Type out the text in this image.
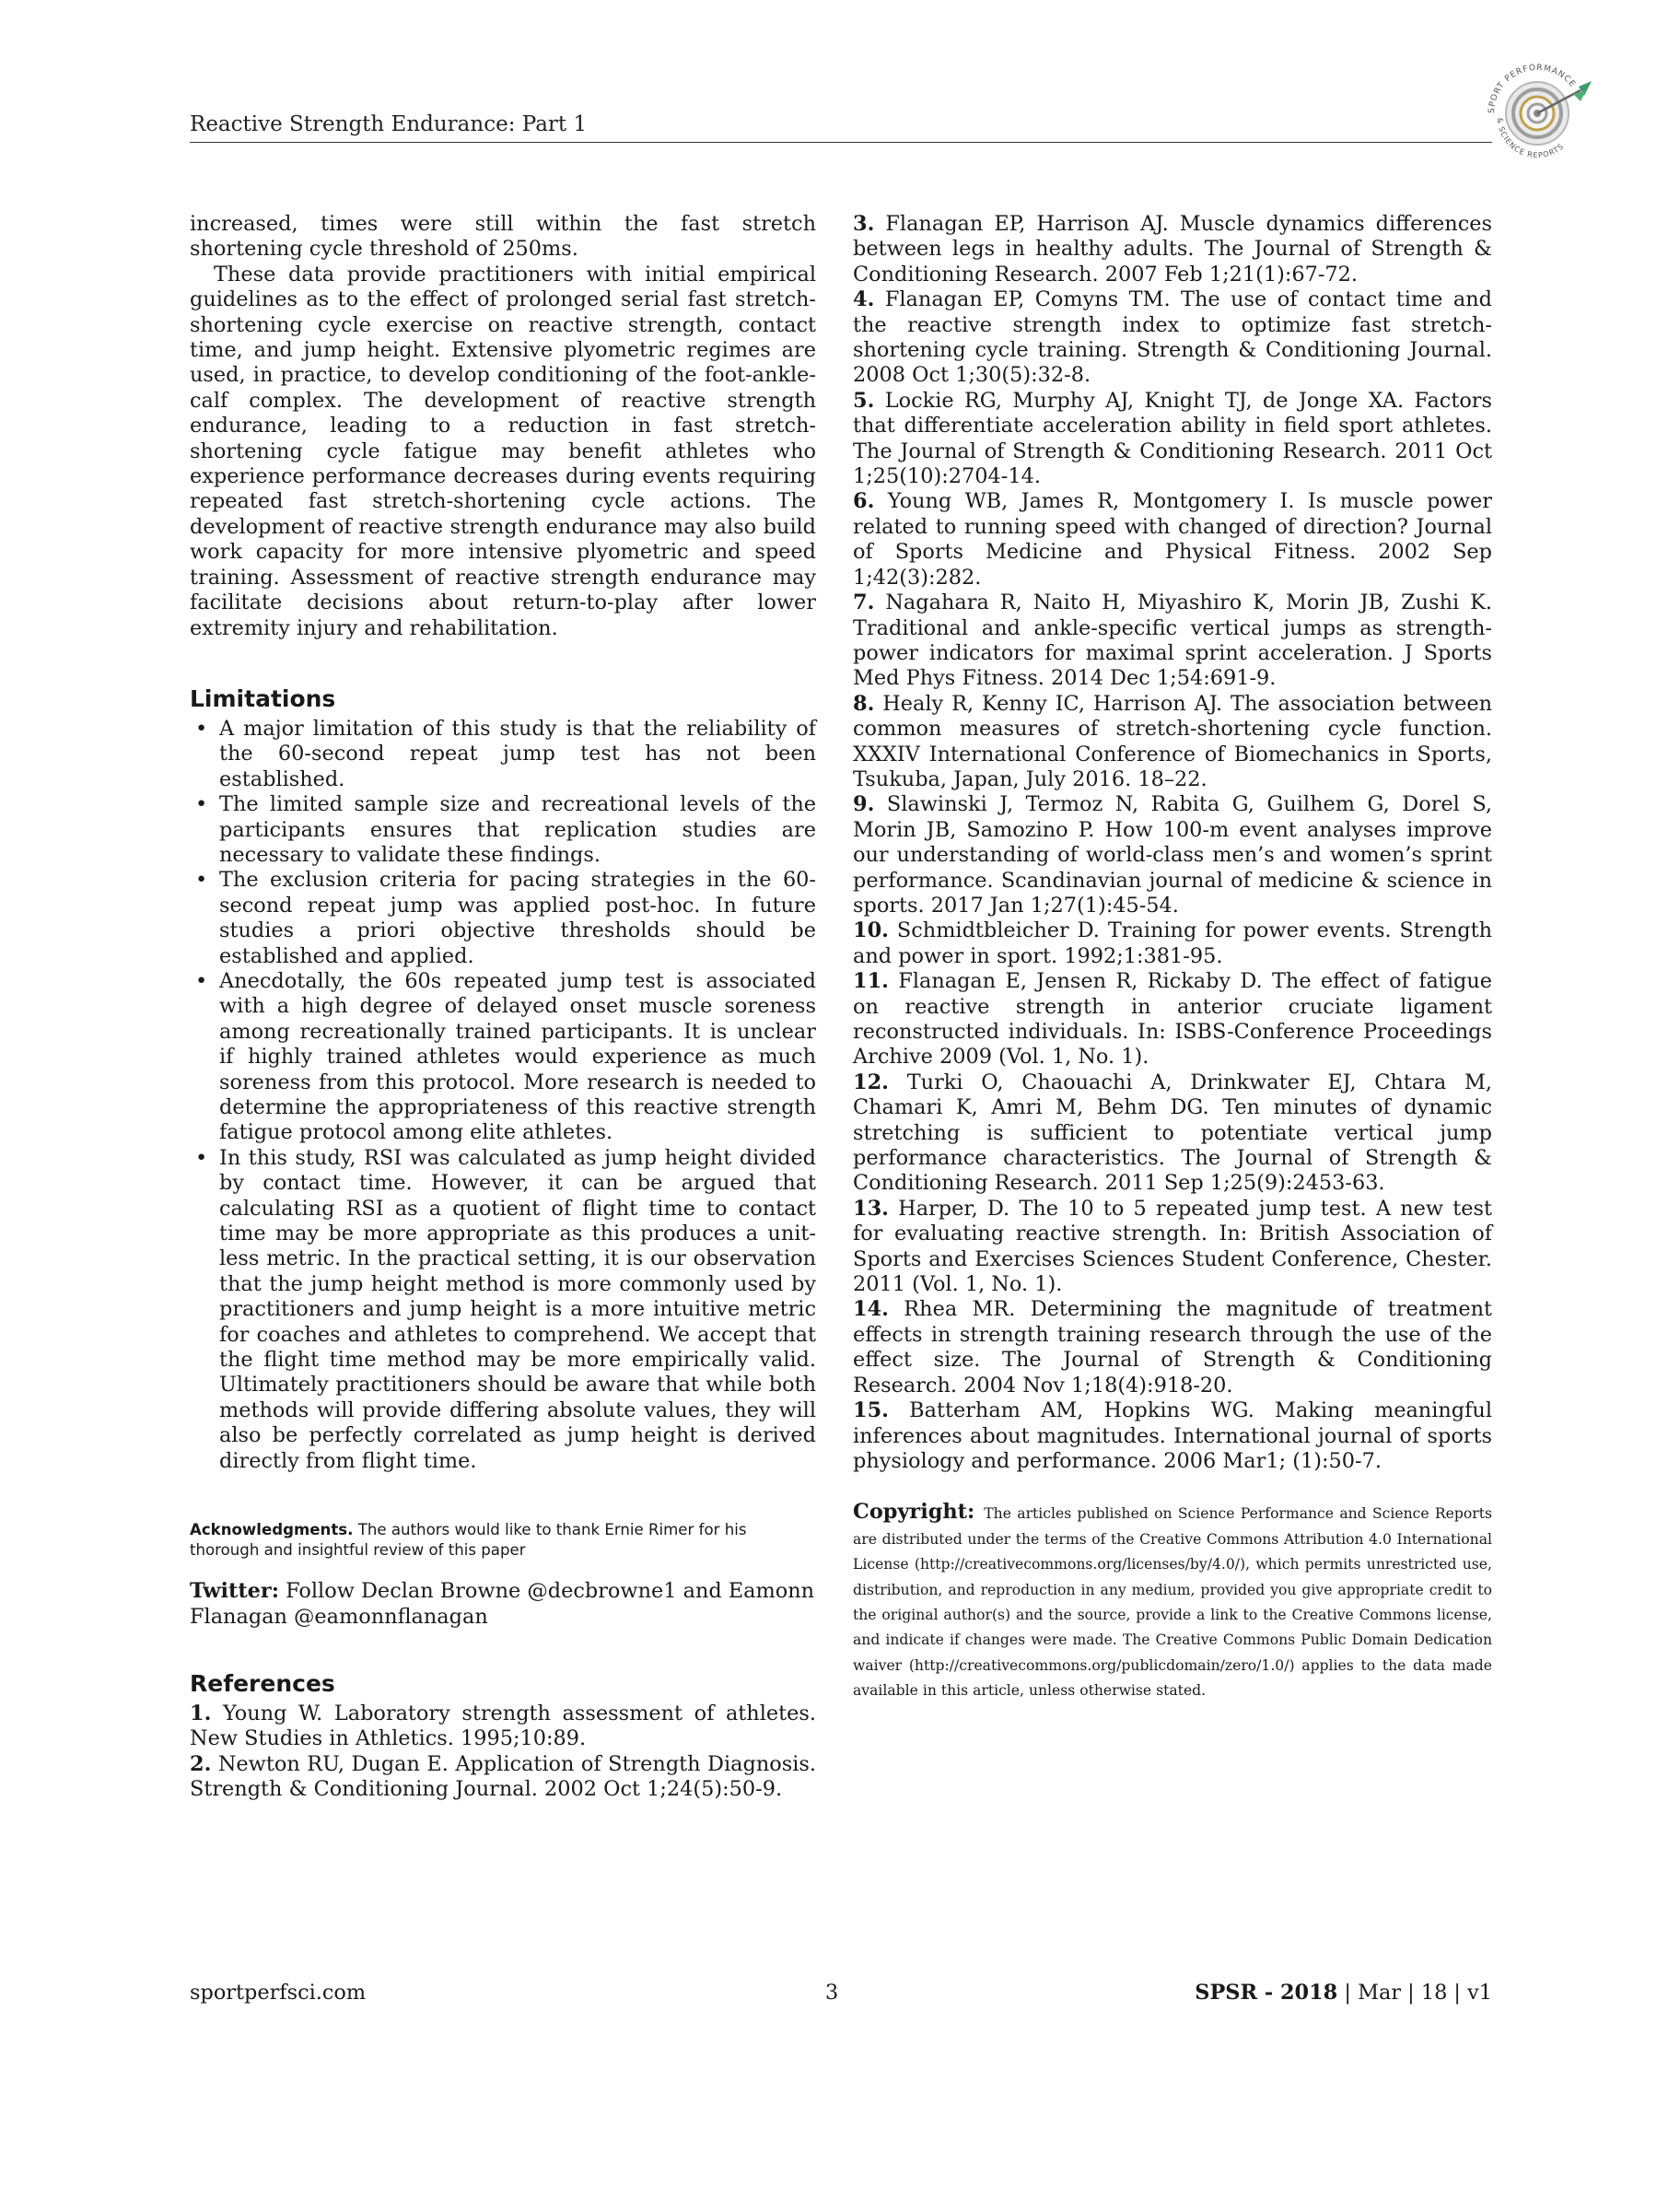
Reactive Strength Endurance: Part 1
SPORT PERFORMANCE
& SCIENCE REPORTS

increased, times were still within the fast stretch shortening cycle threshold of 250ms.

These data provide practitioners with initial empirical guidelines as to the effect of prolonged serial fast stretch-shortening cycle exercise on reactive strength, contact time, and jump height. Extensive plyometric regimes are used, in practice, to develop conditioning of the foot-ankle-calf complex. The development of reactive strength endurance, leading to a reduction in fast stretch-shortening cycle fatigue may benefit athletes who experience performance decreases during events requiring repeated fast stretch-shortening cycle actions. The development of reactive strength endurance may also build work capacity for more intensive plyometric and speed training. Assessment of reactive strength endurance may facilitate decisions about return-to-play after lower extremity injury and rehabilitation.

Limitations
• A major limitation of this study is that the reliability of the 60-second repeat jump test has not been established.
• The limited sample size and recreational levels of the participants ensures that replication studies are necessary to validate these findings.
• The exclusion criteria for pacing strategies in the 60-second repeat jump was applied post-hoc. In future studies a priori objective thresholds should be established and applied.
• Anecdotally, the 60s repeated jump test is associated with a high degree of delayed onset muscle soreness among recreationally trained participants. It is unclear if highly trained athletes would experience as much soreness from this protocol. More research is needed to determine the appropriateness of this reactive strength fatigue protocol among elite athletes.
• In this study, RSI was calculated as jump height divided by contact time. However, it can be argued that calculating RSI as a quotient of flight time to contact time may be more appropriate as this produces a unit-less metric. In the practical setting, it is our observation that the jump height method is more commonly used by practitioners and jump height is a more intuitive metric for coaches and athletes to comprehend. We accept that the flight time method may be more empirically valid. Ultimately practitioners should be aware that while both methods will provide differing absolute values, they will also be perfectly correlated as jump height is derived directly from flight time.

Acknowledgments. The authors would like to thank Ernie Rimer for his thorough and insightful review of this paper

Twitter: Follow Declan Browne @decbrowne1 and Eamonn Flanagan @eamonnflanagan

References

1. Young W. Laboratory strength assessment of athletes. New Studies in Athletics. 1995;10:89.

2. Newton RU, Dugan E. Application of Strength Diagnosis. Strength & Conditioning Journal. 2002 Oct 1;24(5):50-9.

3. Flanagan EP, Harrison AJ. Muscle dynamics differences between legs in healthy adults. The Journal of Strength & Conditioning Research. 2007 Feb 1;21(1):67-72.

4. Flanagan EP, Comyns TM. The use of contact time and the reactive strength index to optimize fast stretch-shortening cycle training. Strength & Conditioning Journal. 2008 Oct 1;30(5):32-8.

5. Lockie RG, Murphy AJ, Knight TJ, de Jonge XA. Factors that differentiate acceleration ability in field sport athletes. The Journal of Strength & Conditioning Research. 2011 Oct 1;25(10):2704-14.

6. Young WB, James R, Montgomery I. Is muscle power related to running speed with changed of direction? Journal of Sports Medicine and Physical Fitness. 2002 Sep 1;42(3):282.

7. Nagahara R, Naito H, Miyashiro K, Morin JB, Zushi K. Traditional and ankle-specific vertical jumps as strength-power indicators for maximal sprint acceleration. J Sports Med Phys Fitness. 2014 Dec 1;54:691-9.

8. Healy R, Kenny IC, Harrison AJ. The association between common measures of stretch-shortening cycle function. XXXIV International Conference of Biomechanics in Sports, Tsukuba, Japan, July 2016. 18–22.

9. Slawinski J, Termoz N, Rabita G, Guilhem G, Dorel S, Morin JB, Samozino P. How 100-m event analyses improve our understanding of world-class men’s and women’s sprint performance. Scandinavian journal of medicine & science in sports. 2017 Jan 1;27(1):45-54.

10. Schmidtbleicher D. Training for power events. Strength and power in sport. 1992;1:381-95.

11. Flanagan E, Jensen R, Rickaby D. The effect of fatigue on reactive strength in anterior cruciate ligament reconstructed individuals. In: ISBS-Conference Proceedings Archive 2009 (Vol. 1, No. 1).

12. Turki O, Chaouachi A, Drinkwater EJ, Chtara M, Chamari K, Amri M, Behm DG. Ten minutes of dynamic stretching is sufficient to potentiate vertical jump performance characteristics. The Journal of Strength & Conditioning Research. 2011 Sep 1;25(9):2453-63.

13. Harper, D. The 10 to 5 repeated jump test. A new test for evaluating reactive strength. In: British Association of Sports and Exercises Sciences Student Conference, Chester. 2011 (Vol. 1, No. 1).

14. Rhea MR. Determining the magnitude of treatment effects in strength training research through the use of the effect size. The Journal of Strength & Conditioning Research. 2004 Nov 1;18(4):918-20.

15. Batterham AM, Hopkins WG. Making meaningful inferences about magnitudes. International journal of sports physiology and performance. 2006 Mar1; (1):50-7.

Copyright: The articles published on Science Performance and Science Reports are distributed under the terms of the Creative Commons Attribution 4.0 International License (http://creativecommons.org/licenses/by/4.0/), which permits unrestricted use, distribution, and reproduction in any medium, provided you give appropriate credit to the original author(s) and the source, provide a link to the Creative Commons license, and indicate if changes were made. The Creative Commons Public Domain Dedication waiver (http://creativecommons.org/publicdomain/zero/1.0/) applies to the data made available in this article, unless otherwise stated.

sportperfsci.com	3	SPSR - 2018 | Mar | 18 | v1
